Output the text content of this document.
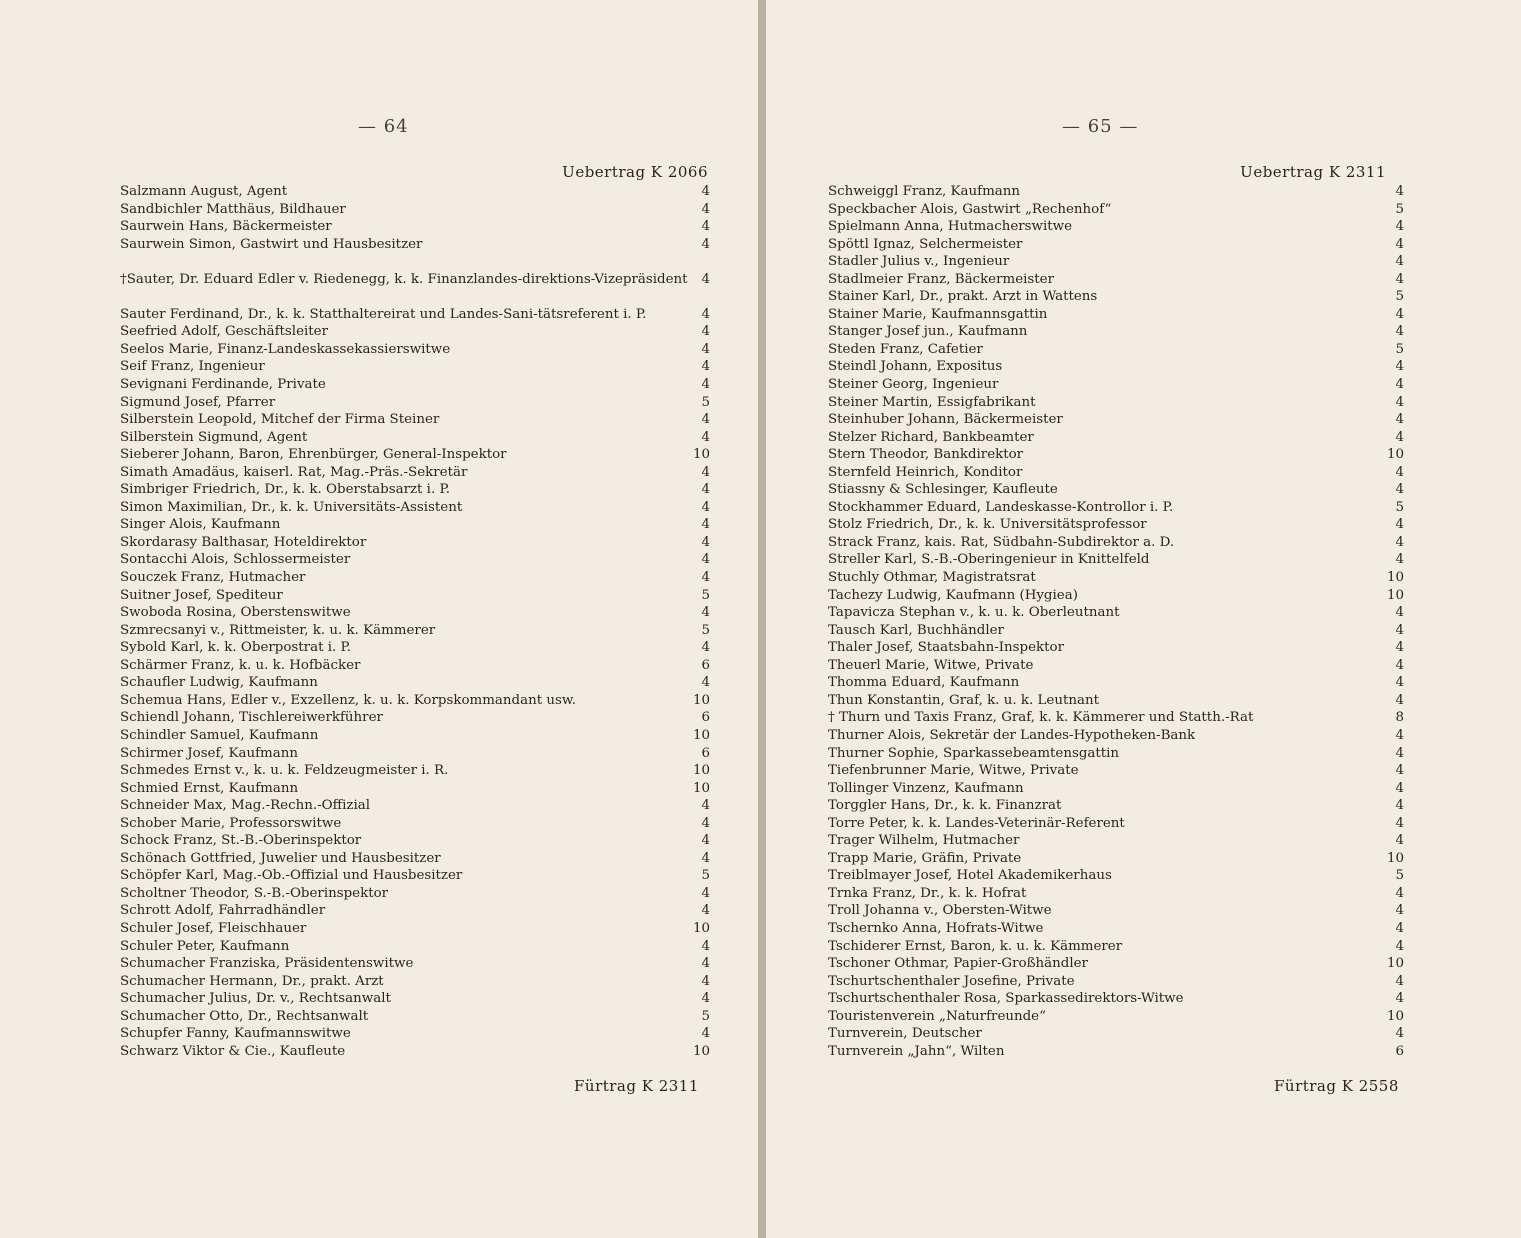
— 64
Uebertrag K 2066
Salzmann August, Agent	4
Sandbichler Matthäus, Bildhauer	4
Saurwein Hans, Bäckermeister	4
Saurwein Simon, Gastwirt und Hausbesitzer	4
†Sauter, Dr. Eduard Edler v. Riedenegg, k. k. Finanzlandes-direktions-Vizepräsident	4
Sauter Ferdinand, Dr., k. k. Statthaltereirat und Landes-Sani-tätsreferent i. P.	4
Seefried Adolf, Geschäftsleiter	4
Seelos Marie, Finanz-Landeskassekassierswitwe	4
Seif Franz, Ingenieur	4
Sevignani Ferdinande, Private	4
Sigmund Josef, Pfarrer	5
Silberstein Leopold, Mitchef der Firma Steiner	4
Silberstein Sigmund, Agent	4
Sieberer Johann, Baron, Ehrenbürger, General-Inspektor	10
Simath Amadäus, kaiserl. Rat, Mag.-Präs.-Sekretär	4
Simbriger Friedrich, Dr., k. k. Oberstabsarzt i. P.	4
Simon Maximilian, Dr., k. k. Universitäts-Assistent	4
Singer Alois, Kaufmann	4
Skordarasy Balthasar, Hoteldirektor	4
Sontacchi Alois, Schlossermeister	4
Souczek Franz, Hutmacher	4
Suitner Josef, Spediteur	5
Swoboda Rosina, Oberstenswitwe	4
Szmrecsanyi v., Rittmeister, k. u. k. Kämmerer	5
Sybold Karl, k. k. Oberpostrat i. P.	4
Schärmer Franz, k. u. k. Hofbäcker	6
Schaufler Ludwig, Kaufmann	4
Schemua Hans, Edler v., Exzellenz, k. u. k. Korpskommandant usw.	10
Schiendl Johann, Tischlereiwerkführer	6
Schindler Samuel, Kaufmann	10
Schirmer Josef, Kaufmann	6
Schmedes Ernst v., k. u. k. Feldzeugmeister i. R.	10
Schmied Ernst, Kaufmann	10
Schneider Max, Mag.-Rechn.-Offizial	4
Schober Marie, Professorswitwe	4
Schock Franz, St.-B.-Oberinspektor	4
Schönach Gottfried, Juwelier und Hausbesitzer	4
Schöpfer Karl, Mag.-Ob.-Offizial und Hausbesitzer	5
Scholtner Theodor, S.-B.-Oberinspektor	4
Schrott Adolf, Fahrradhändler	4
Schuler Josef, Fleischhauer	10
Schuler Peter, Kaufmann	4
Schumacher Franziska, Präsidentenswitwe	4
Schumacher Hermann, Dr., prakt. Arzt	4
Schumacher Julius, Dr. v., Rechtsanwalt	4
Schumacher Otto, Dr., Rechtsanwalt	5
Schupfer Fanny, Kaufmannswitwe	4
Schwarz Viktor & Cie., Kaufleute	10
Fürtrag K 2311
— 65 —
Uebertrag K 2311
Schweiggl Franz, Kaufmann	4
Speckbacher Alois, Gastwirt „Rechenhof“	5
Spielmann Anna, Hutmacherswitwe	4
Spöttl Ignaz, Selchermeister	4
Stadler Julius v., Ingenieur	4
Stadlmeier Franz, Bäckermeister	4
Stainer Karl, Dr., prakt. Arzt in Wattens	5
Stainer Marie, Kaufmannsgattin	4
Stanger Josef jun., Kaufmann	4
Steden Franz, Cafetier	5
Steindl Johann, Expositus	4
Steiner Georg, Ingenieur	4
Steiner Martin, Essigfabrikant	4
Steinhuber Johann, Bäckermeister	4
Stelzer Richard, Bankbeamter	4
Stern Theodor, Bankdirektor	10
Sternfeld Heinrich, Konditor	4
Stiassny & Schlesinger, Kaufleute	4
Stockhammer Eduard, Landeskasse-Kontrollor i. P.	5
Stolz Friedrich, Dr., k. k. Universitätsprofessor	4
Strack Franz, kais. Rat, Südbahn-Subdirektor a. D.	4
Streller Karl, S.-B.-Oberingenieur in Knittelfeld	4
Stuchly Othmar, Magistratsrat	10
Tachezy Ludwig, Kaufmann (Hygiea)	10
Tapavicza Stephan v., k. u. k. Oberleutnant	4
Tausch Karl, Buchhändler	4
Thaler Josef, Staatsbahn-Inspektor	4
Theuerl Marie, Witwe, Private	4
Thomma Eduard, Kaufmann	4
Thun Konstantin, Graf, k. u. k. Leutnant	4
† Thurn und Taxis Franz, Graf, k. k. Kämmerer und Statth.-Rat	8
Thurner Alois, Sekretär der Landes-Hypotheken-Bank	4
Thurner Sophie, Sparkassebeamtensgattin	4
Tiefenbrunner Marie, Witwe, Private	4
Tollinger Vinzenz, Kaufmann	4
Torggler Hans, Dr., k. k. Finanzrat	4
Torre Peter, k. k. Landes-Veterinär-Referent	4
Trager Wilhelm, Hutmacher	4
Trapp Marie, Gräfin, Private	10
Treiblmayer Josef, Hotel Akademikerhaus	5
Trnka Franz, Dr., k. k. Hofrat	4
Troll Johanna v., Obersten-Witwe	4
Tschernko Anna, Hofrats-Witwe	4
Tschiderer Ernst, Baron, k. u. k. Kämmerer	4
Tschoner Othmar, Papier-Großhändler	10
Tschurtschenthaler Josefine, Private	4
Tschurtschenthaler Rosa, Sparkassedirektors-Witwe	4
Touristenverein „Naturfreunde“	10
Turnverein, Deutscher	4
Turnverein „Jahn“, Wilten	6
Fürtrag K 2558
